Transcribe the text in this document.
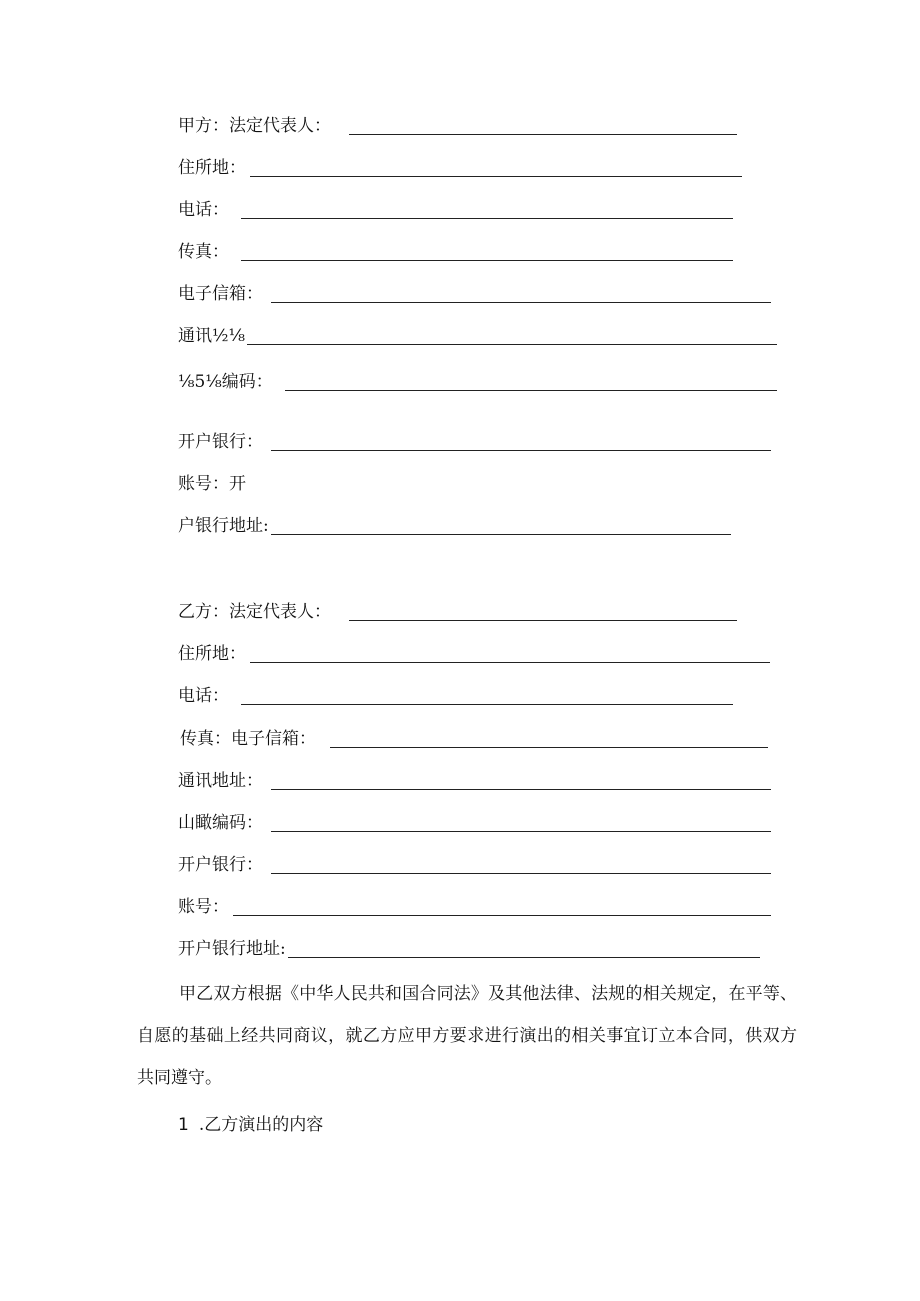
甲方：法定代表人：
住所地：
电话：
传真：
电子信箱：
通讯½⅛
⅛5⅛编码：
开户银行：
账号：开
户银行地址:
乙方：法定代表人：
住所地：
电话：
传真：电子信箱：
通讯地址：
山瞰编码：
开户银行：
账号：
开户银行地址:

甲乙双方根据《中华人民共和国合同法》及其他法律、法规的相关规定，在平等、自愿的基础上经共同商议，就乙方应甲方要求进行演出的相关事宜订立本合同，供双方共同遵守。

1 .乙方演出的内容
